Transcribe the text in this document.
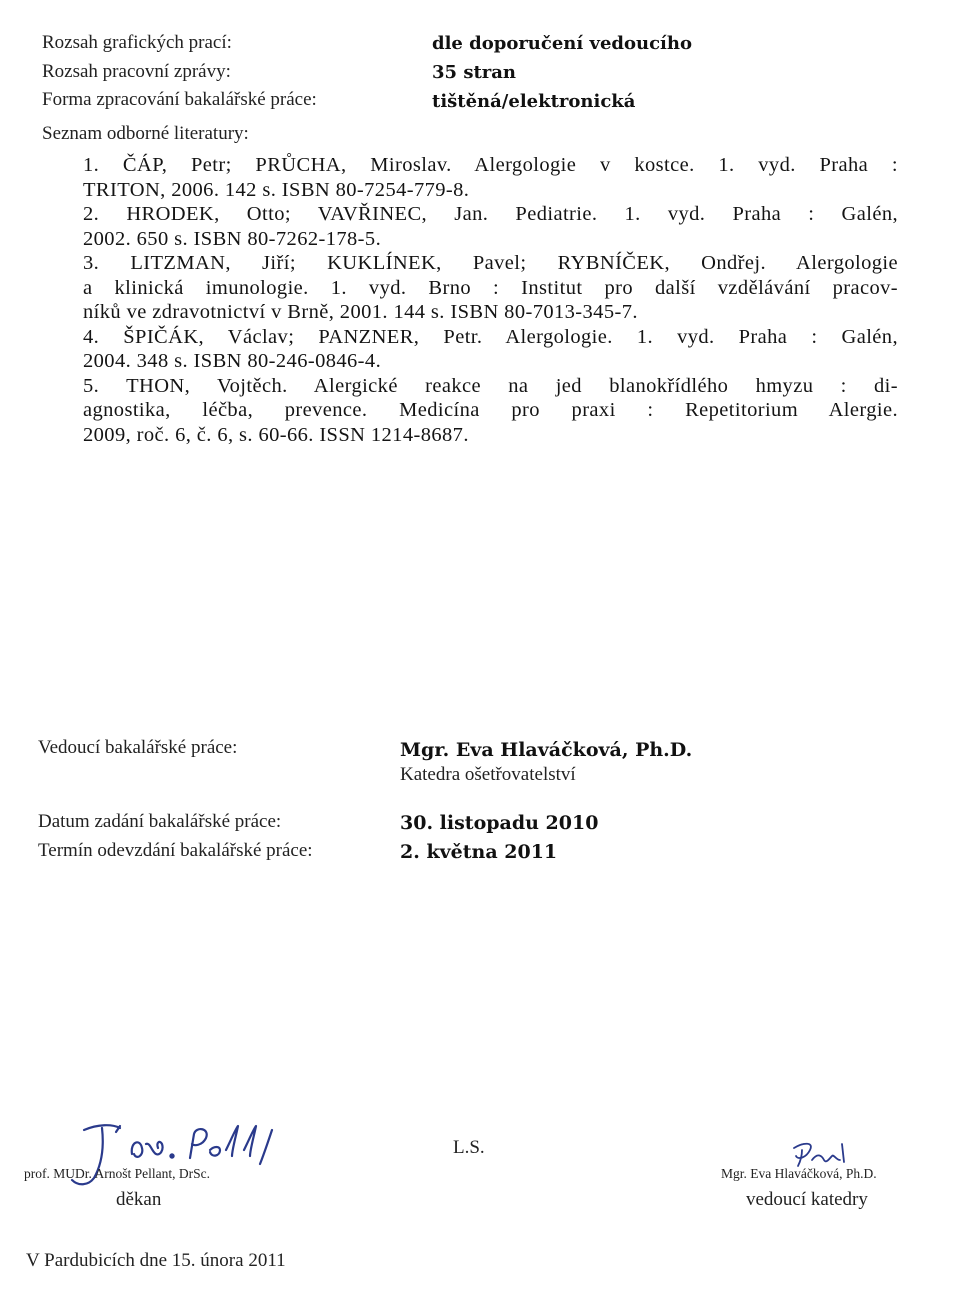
Rozsah grafických prací:	dle doporučení vedoucího
Rozsah pracovní zprávy:	35 stran
Forma zpracování bakalářské práce:	tištěná/elektronická
Seznam odborné literatury:
1. ČÁP, Petr; PRŮCHA, Miroslav. Alergologie v kostce. 1. vyd. Praha :
TRITON, 2006. 142 s. ISBN 80-7254-779-8.
2. HRODEK, Otto; VAVŘINEC, Jan. Pediatrie. 1. vyd. Praha : Galén,
2002. 650 s. ISBN 80-7262-178-5.
3. LITZMAN, Jiří; KUKLÍNEK, Pavel; RYBNÍČEK, Ondřej. Alergologie
a klinická imunologie. 1. vyd. Brno : Institut pro další vzdělávání pracov-
níků ve zdravotnictví v Brně, 2001. 144 s. ISBN 80-7013-345-7.
4. ŠPIČÁK, Václav; PANZNER, Petr. Alergologie. 1. vyd. Praha : Galén,
2004. 348 s. ISBN 80-246-0846-4.
5. THON, Vojtěch. Alergické reakce na jed blanokřídlého hmyzu : di-
agnostika, léčba, prevence. Medicína pro praxi : Repetitorium Alergie.
2009, roč. 6, č. 6, s. 60-66. ISSN 1214-8687.
Vedoucí bakalářské práce:	Mgr. Eva Hlaváčková, Ph.D.
Katedra ošetřovatelství
Datum zadání bakalářské práce:	30. listopadu 2010
Termín odevzdání bakalářské práce:	2. května 2011
prof. MUDr. Arnošt Pellant, DrSc.
děkan
L.S.
Mgr. Eva Hlaváčková, Ph.D.
vedoucí katedry
V Pardubicích dne 15. února 2011
